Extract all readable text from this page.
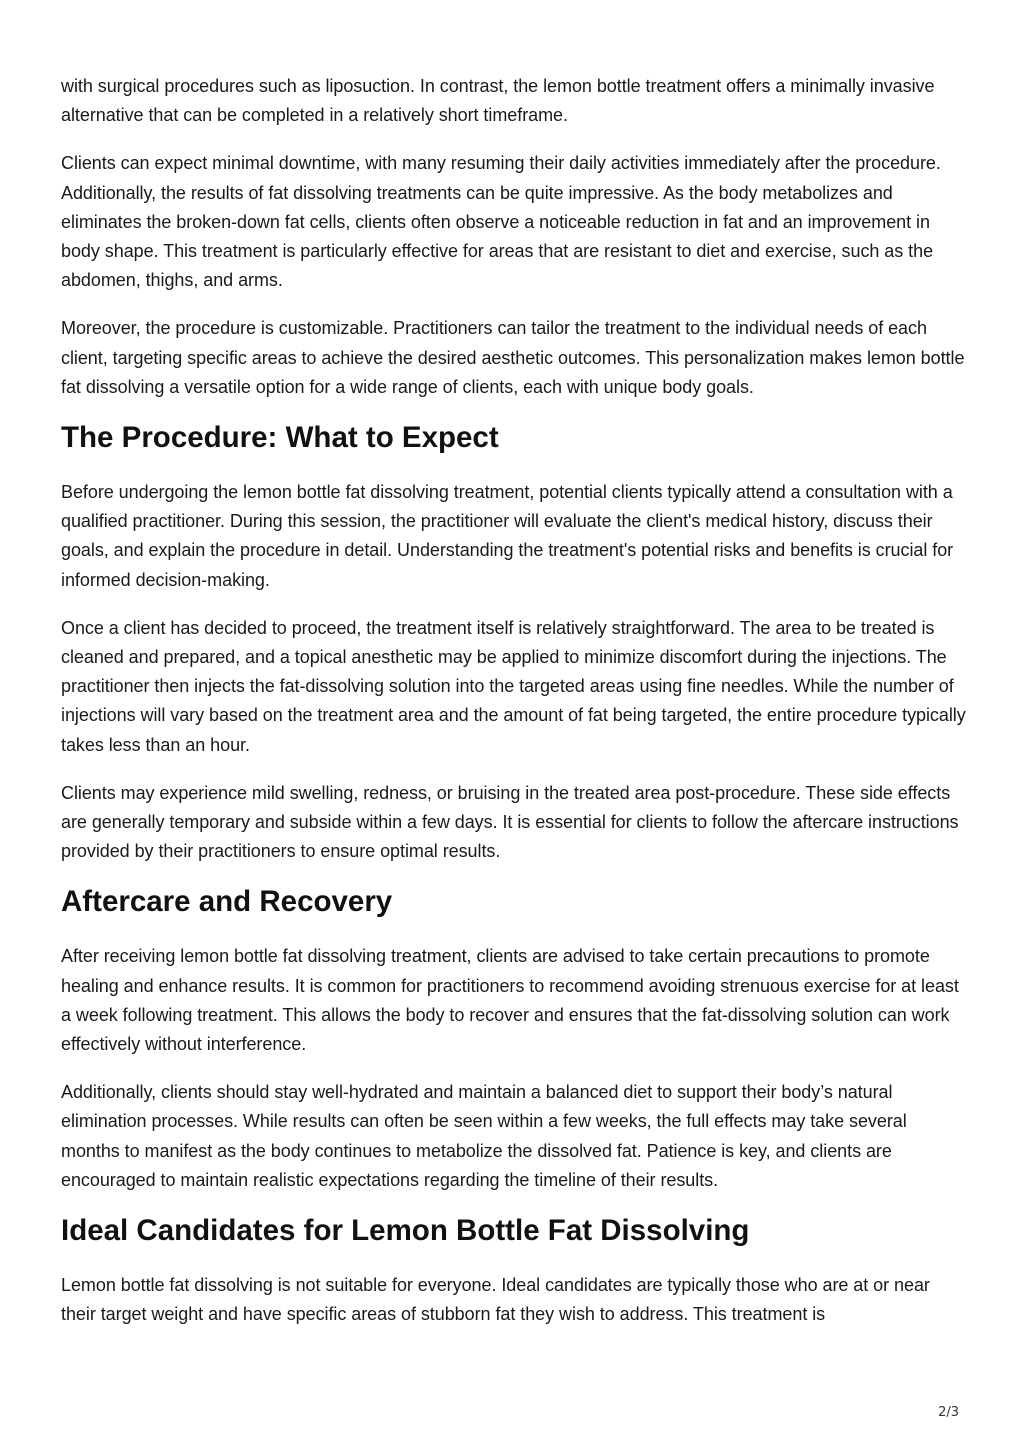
with surgical procedures such as liposuction. In contrast, the lemon bottle treatment offers a minimally invasive alternative that can be completed in a relatively short timeframe.

Clients can expect minimal downtime, with many resuming their daily activities immediately after the procedure. Additionally, the results of fat dissolving treatments can be quite impressive. As the body metabolizes and eliminates the broken-down fat cells, clients often observe a noticeable reduction in fat and an improvement in body shape. This treatment is particularly effective for areas that are resistant to diet and exercise, such as the abdomen, thighs, and arms.

Moreover, the procedure is customizable. Practitioners can tailor the treatment to the individual needs of each client, targeting specific areas to achieve the desired aesthetic outcomes. This personalization makes lemon bottle fat dissolving a versatile option for a wide range of clients, each with unique body goals.

The Procedure: What to Expect

Before undergoing the lemon bottle fat dissolving treatment, potential clients typically attend a consultation with a qualified practitioner. During this session, the practitioner will evaluate the client's medical history, discuss their goals, and explain the procedure in detail. Understanding the treatment's potential risks and benefits is crucial for informed decision-making.

Once a client has decided to proceed, the treatment itself is relatively straightforward. The area to be treated is cleaned and prepared, and a topical anesthetic may be applied to minimize discomfort during the injections. The practitioner then injects the fat-dissolving solution into the targeted areas using fine needles. While the number of injections will vary based on the treatment area and the amount of fat being targeted, the entire procedure typically takes less than an hour.

Clients may experience mild swelling, redness, or bruising in the treated area post-procedure. These side effects are generally temporary and subside within a few days. It is essential for clients to follow the aftercare instructions provided by their practitioners to ensure optimal results.

Aftercare and Recovery

After receiving lemon bottle fat dissolving treatment, clients are advised to take certain precautions to promote healing and enhance results. It is common for practitioners to recommend avoiding strenuous exercise for at least a week following treatment. This allows the body to recover and ensures that the fat-dissolving solution can work effectively without interference.

Additionally, clients should stay well-hydrated and maintain a balanced diet to support their body’s natural elimination processes. While results can often be seen within a few weeks, the full effects may take several months to manifest as the body continues to metabolize the dissolved fat. Patience is key, and clients are encouraged to maintain realistic expectations regarding the timeline of their results.

Ideal Candidates for Lemon Bottle Fat Dissolving

Lemon bottle fat dissolving is not suitable for everyone. Ideal candidates are typically those who are at or near their target weight and have specific areas of stubborn fat they wish to address. This treatment is

2/3
